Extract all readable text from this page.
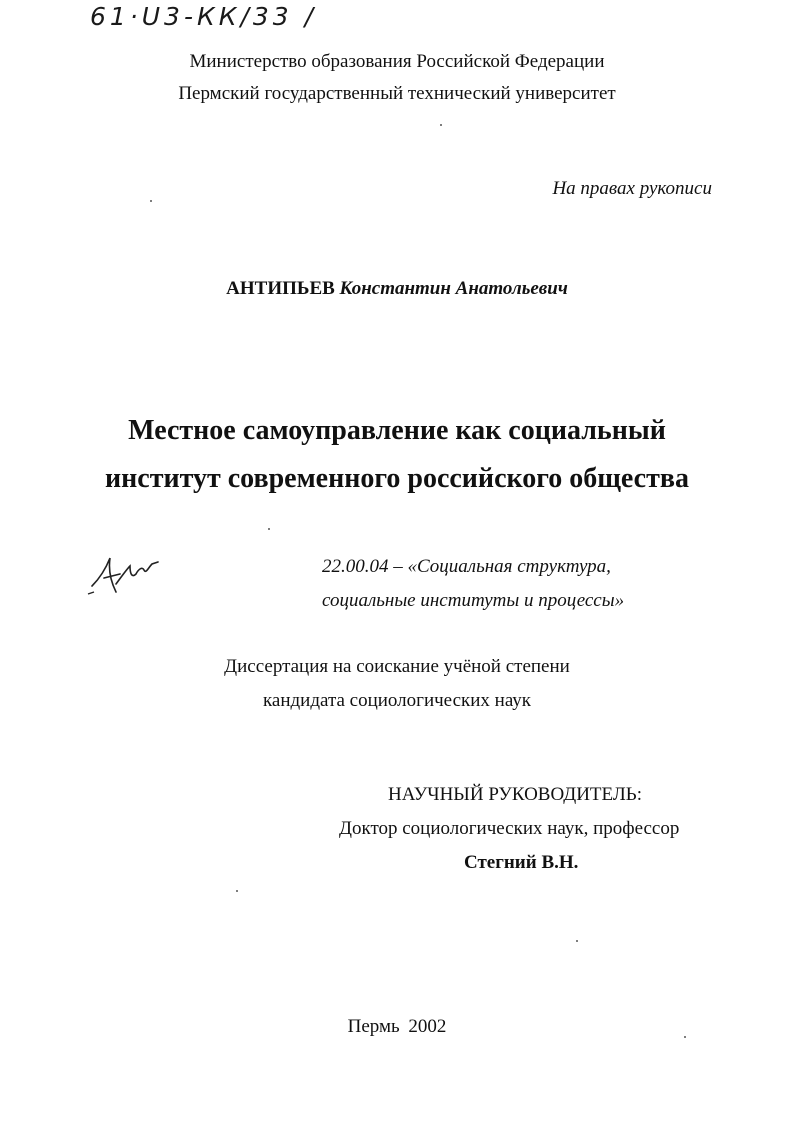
61·U3-КК/33 /
Министерство образования Российской Федерации
Пермский государственный технический университет
На правах рукописи
АНТИПЬЕВ Константин Анатольевич
Местное самоуправление как социальный
институт современного российского общества
22.00.04 – «Социальная структура,
социальные институты и процессы»
Диссертация на соискание учёной степени
кандидата социологических наук
НАУЧНЫЙ РУКОВОДИТЕЛЬ:
Доктор социологических наук, профессор
Стегний В.Н.
Пермь 2002
